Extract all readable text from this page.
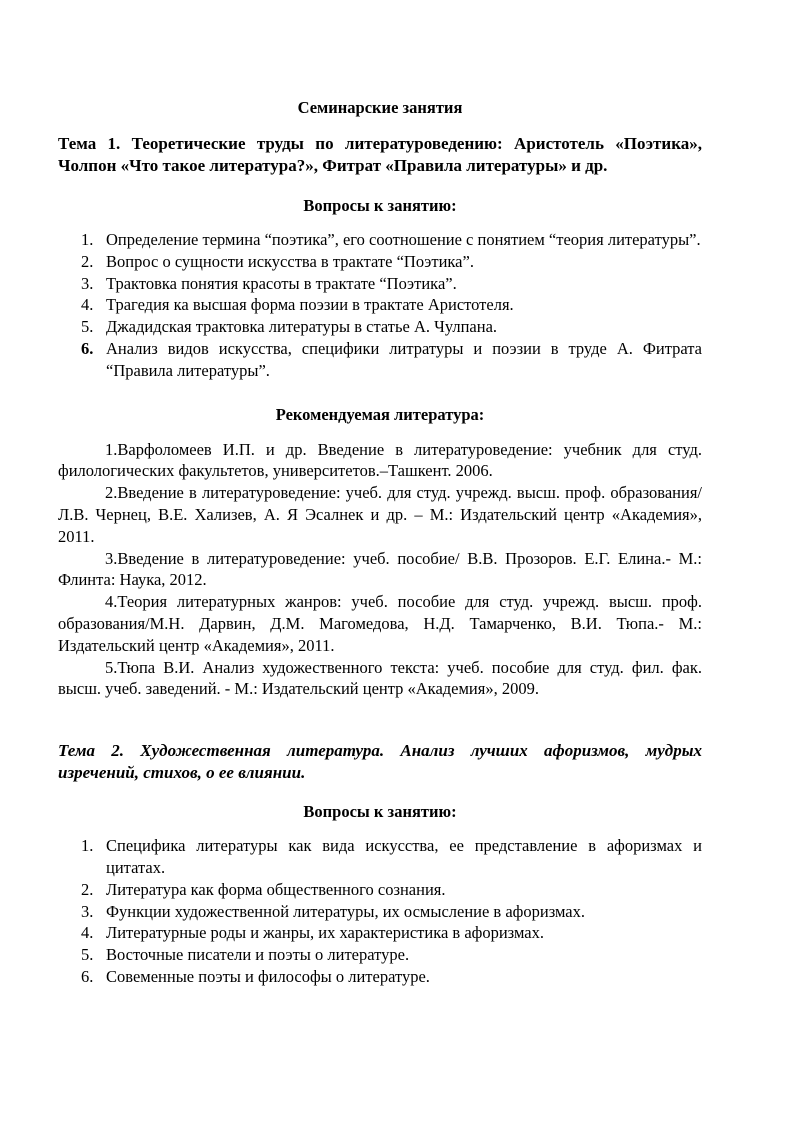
Семинарские занятия

Тема 1. Теоретические труды по литературоведению: Аристотель «Поэтика», Чолпон «Что такое литература?», Фитрат «Правила литературы» и др.

Вопросы к занятию:

1. Определение термина “поэтика”, его соотношение с понятием “теория литературы”.
2. Вопрос о сущности искусства в трактате “Поэтика”.
3. Трактовка понятия красоты в трактате “Поэтика”.
4. Трагедия ка высшая форма поэзии в трактате Аристотеля.
5. Джадидская трактовка литературы в статье А. Чулпана.
6. Анализ видов искусства, специфики литратуры и поэзии в труде А. Фитрата “Правила литературы”.

Рекомендуемая литература:

1.Варфоломеев И.П. и др. Введение в литературоведение: учебник для студ. филологических факультетов, университетов.–Ташкент. 2006.

2.Введение в литературоведение: учеб. для студ. учрежд. высш. проф. образования/ Л.В. Чернец, В.Е. Хализев, А. Я Эсалнек и др. – М.: Издательский центр «Академия», 2011.

3.Введение в литературоведение: учеб. пособие/ В.В. Прозоров. Е.Г. Елина.- М.: Флинта: Наука, 2012.

4.Теория литературных жанров: учеб. пособие для студ. учрежд. высш. проф. образования/М.Н. Дарвин, Д.М. Магомедова, Н.Д. Тамарченко, В.И. Тюпа.- М.: Издательский центр «Академия», 2011.

5.Тюпа В.И. Анализ художественного текста: учеб. пособие для студ. фил. фак. высш. учеб. заведений. - М.: Издательский центр «Академия», 2009.

Тема 2. Художественная литература. Анализ лучших афоризмов, мудрых изречений, стихов, о ее влиянии.

Вопросы к занятию:

1. Специфика литературы как вида искусства, ее представление в афоризмах и цитатах.
2. Литература как форма общественного сознания.
3. Функции художественной литературы, их осмысление в афоризмах.
4. Литературные роды и жанры, их характеристика в афоризмах.
5. Восточные писатели и поэты о литературе.
6. Совеменные поэты и философы о литературе.
